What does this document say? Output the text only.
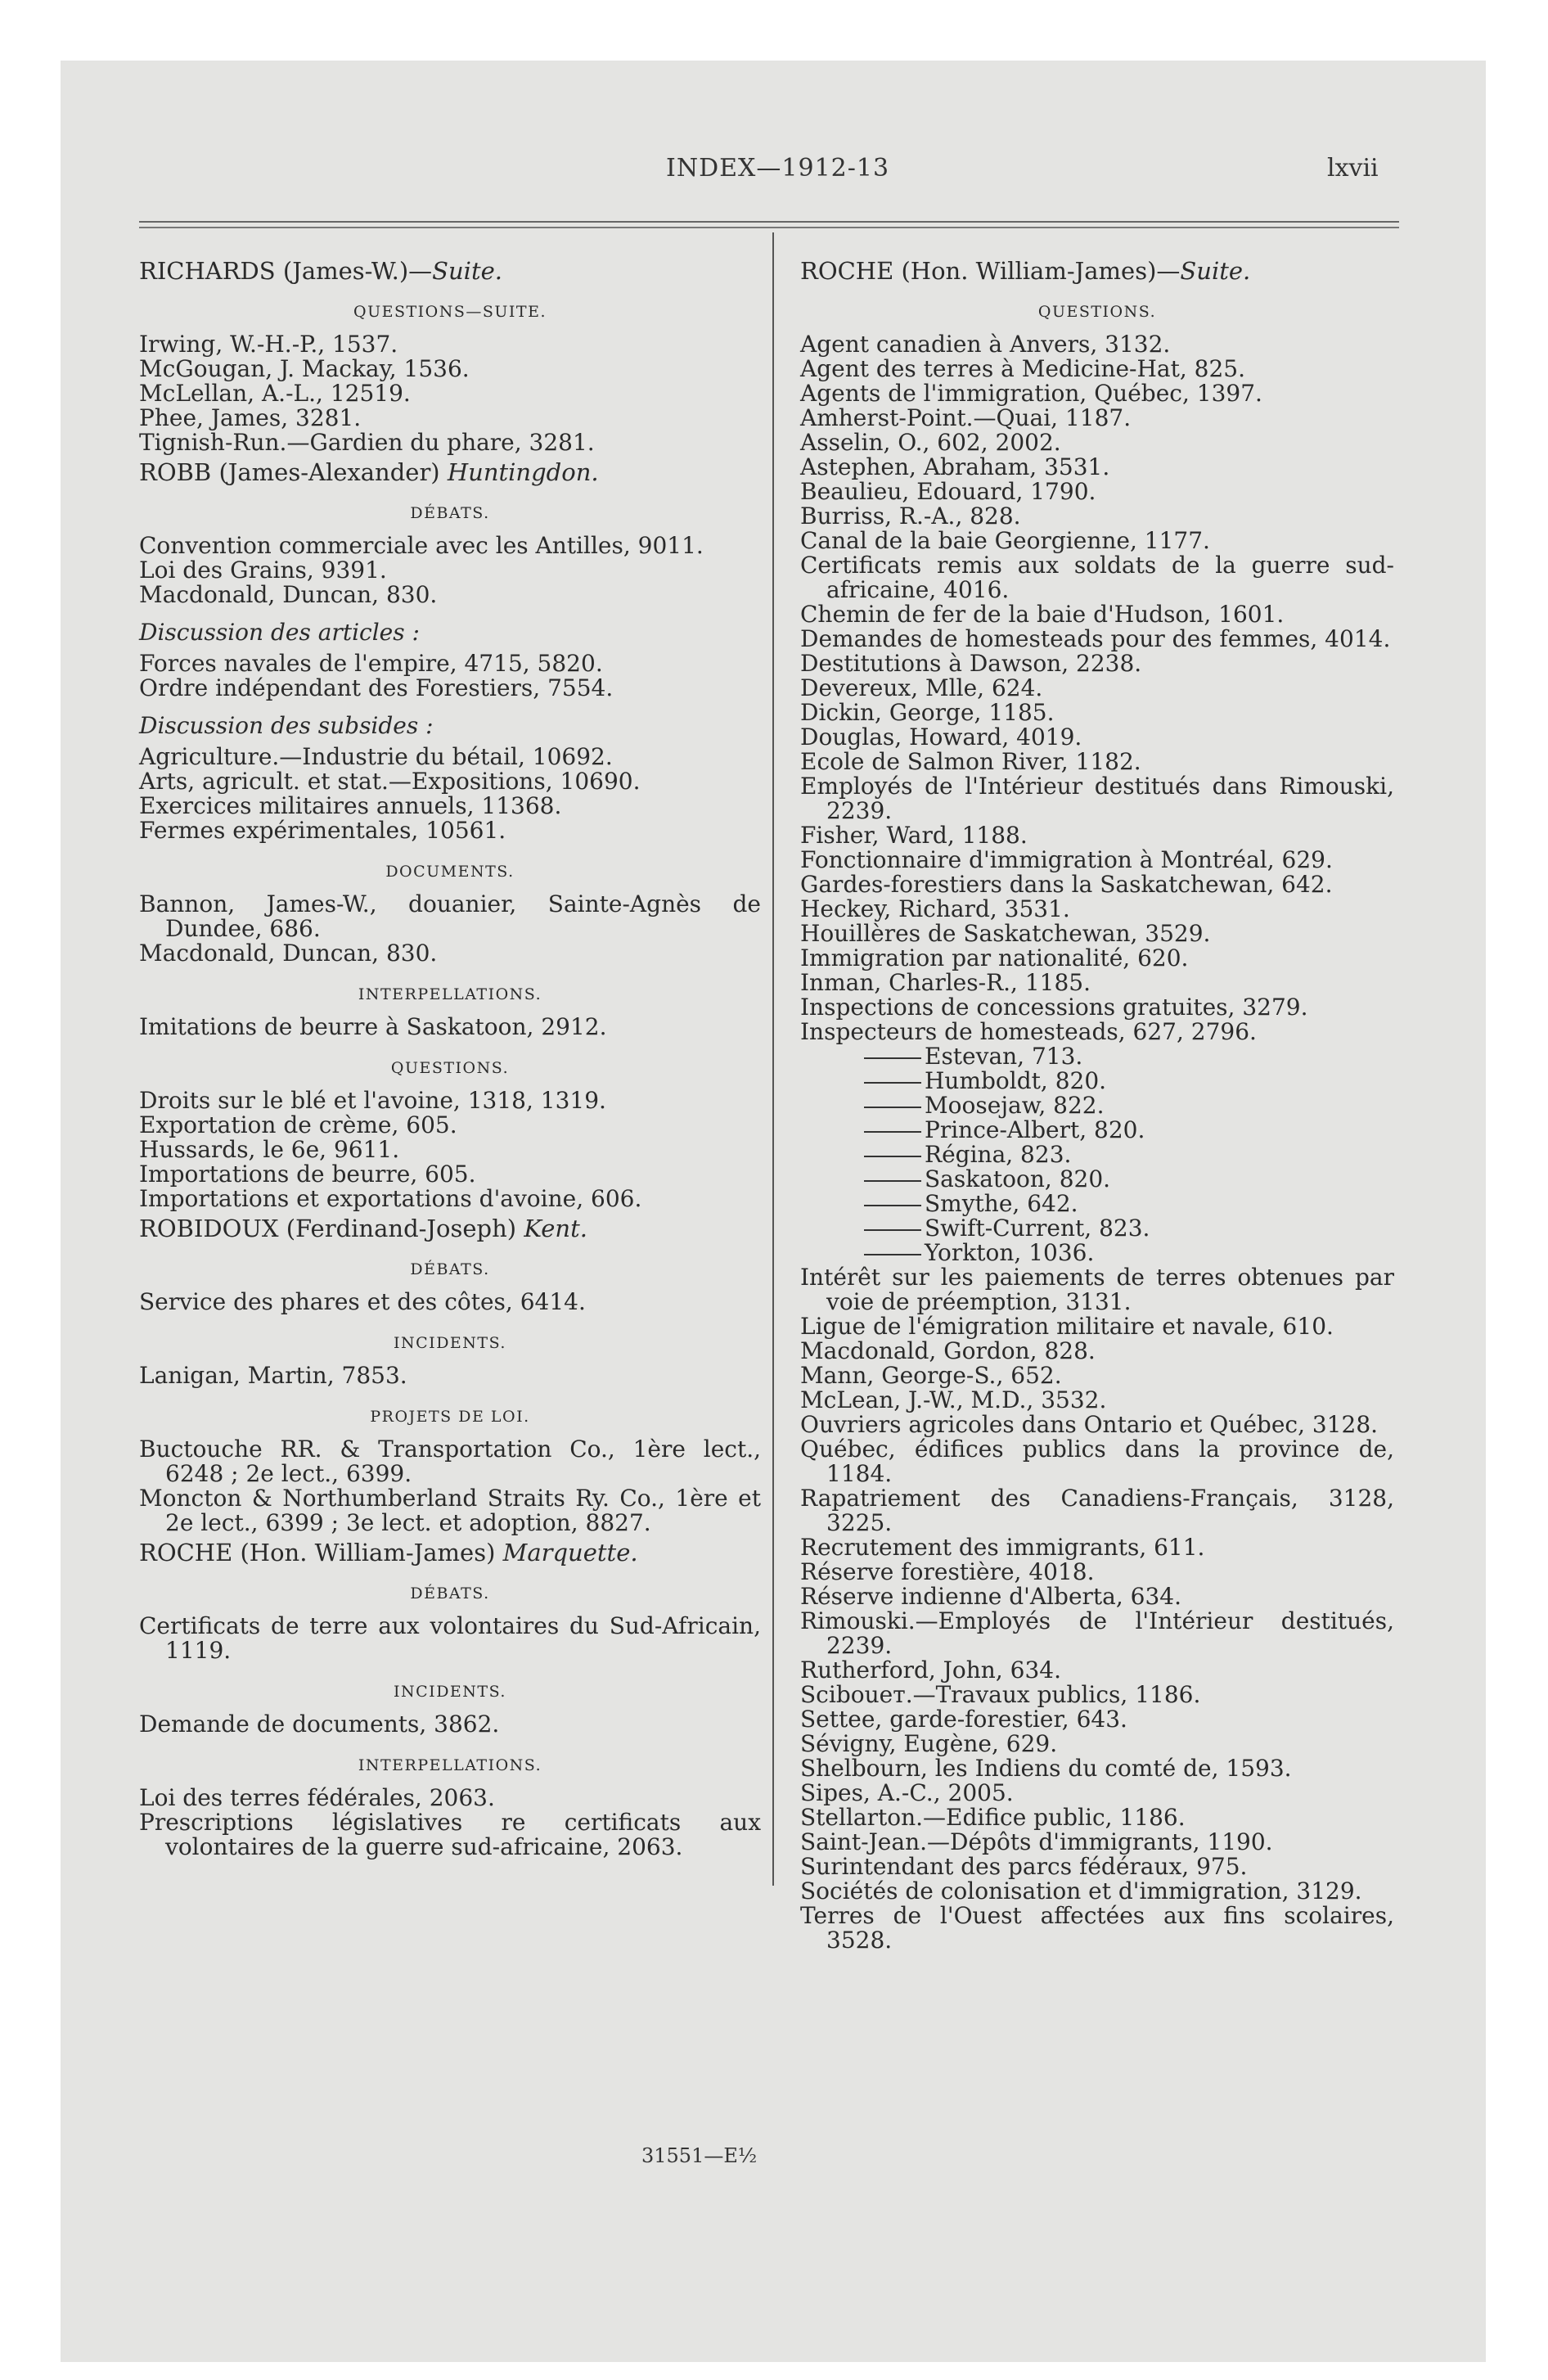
INDEX—1912-13	lxvii
RICHARDS (James-W.)—Suite.
QUESTIONS—SUITE.
Irwing, W.-H.-P., 1537.
McGougan, J. Mackay, 1536.
McLellan, A.-L., 12519.
Phee, James, 3281.
Tignish-Run.—Gardien du phare, 3281.
ROBB (James-Alexander) Huntingdon.
DÉBATS.
Convention commerciale avec les Antilles, 9011.
Loi des Grains, 9391.
Macdonald, Duncan, 830.
Discussion des articles :
Forces navales de l'empire, 4715, 5820.
Ordre indépendant des Forestiers, 7554.
Discussion des subsides :
Agriculture.—Industrie du bétail, 10692.
Arts, agricult. et stat.—Expositions, 10690.
Exercices militaires annuels, 11368.
Fermes expérimentales, 10561.
DOCUMENTS.
Bannon, James-W., douanier, Sainte-Agnès de Dundee, 686.
Macdonald, Duncan, 830.
INTERPELLATIONS.
Imitations de beurre à Saskatoon, 2912.
QUESTIONS.
Droits sur le blé et l'avoine, 1318, 1319.
Exportation de crème, 605.
Hussards, le 6e, 9611.
Importations de beurre, 605.
Importations et exportations d'avoine, 606.
ROBIDOUX (Ferdinand-Joseph) Kent.
DÉBATS.
Service des phares et des côtes, 6414.
INCIDENTS.
Lanigan, Martin, 7853.
PROJETS DE LOI.
Buctouche RR. & Transportation Co., 1ère lect., 6248 ; 2e lect., 6399.
Moncton & Northumberland Straits Ry. Co., 1ère et 2e lect., 6399 ; 3e lect. et adoption, 8827.
ROCHE (Hon. William-James) Marquette.
DÉBATS.
Certificats de terre aux volontaires du Sud-Africain, 1119.
INCIDENTS.
Demande de documents, 3862.
INTERPELLATIONS.
Loi des terres fédérales, 2063.
Prescriptions législatives re certificats aux volontaires de la guerre sud-africaine, 2063.
ROCHE (Hon. William-James)—Suite.
QUESTIONS.
Agent canadien à Anvers, 3132.
Agent des terres à Medicine-Hat, 825.
Agents de l'immigration, Québec, 1397.
Amherst-Point.—Quai, 1187.
Asselin, O., 602, 2002.
Astephen, Abraham, 3531.
Beaulieu, Edouard, 1790.
Burriss, R.-A., 828.
Canal de la baie Georgienne, 1177.
Certificats remis aux soldats de la guerre sud-africaine, 4016.
Chemin de fer de la baie d'Hudson, 1601.
Demandes de homesteads pour des femmes, 4014.
Destitutions à Dawson, 2238.
Devereux, Mlle, 624.
Dickin, George, 1185.
Douglas, Howard, 4019.
Ecole de Salmon River, 1182.
Employés de l'Intérieur destitués dans Rimouski, 2239.
Fisher, Ward, 1188.
Fonctionnaire d'immigration à Montréal, 629.
Gardes-forestiers dans la Saskatchewan, 642.
Heckey, Richard, 3531.
Houillères de Saskatchewan, 3529.
Immigration par nationalité, 620.
Inman, Charles-R., 1185.
Inspections de concessions gratuites, 3279.
Inspecteurs de homesteads, 627, 2796.
Estevan, 713.
Humboldt, 820.
Moosejaw, 822.
Prince-Albert, 820.
Régina, 823.
Saskatoon, 820.
Smythe, 642.
Swift-Current, 823.
Yorkton, 1036.
Intérêt sur les paiements de terres obtenues par voie de préemption, 3131.
Ligue de l'émigration militaire et navale, 610.
Macdonald, Gordon, 828.
Mann, George-S., 652.
McLean, J.-W., M.D., 3532.
Ouvriers agricoles dans Ontario et Québec, 3128.
Québec, édifices publics dans la province de, 1184.
Rapatriement des Canadiens-Français, 3128, 3225.
Recrutement des immigrants, 611.
Réserve forestière, 4018.
Réserve indienne d'Alberta, 634.
Rimouski.—Employés de l'Intérieur destitués, 2239.
Rutherford, John, 634.
Sciboueт.—Travaux publics, 1186.
Settee, garde-forestier, 643.
Sévigny, Eugène, 629.
Shelbourn, les Indiens du comté de, 1593.
Sipes, A.-C., 2005.
Stellarton.—Edifice public, 1186.
Saint-Jean.—Dépôts d'immigrants, 1190.
Surintendant des parcs fédéraux, 975.
Sociétés de colonisation et d'immigration, 3129.
Terres de l'Ouest affectées aux fins scolaires, 3528.
31551—E½
